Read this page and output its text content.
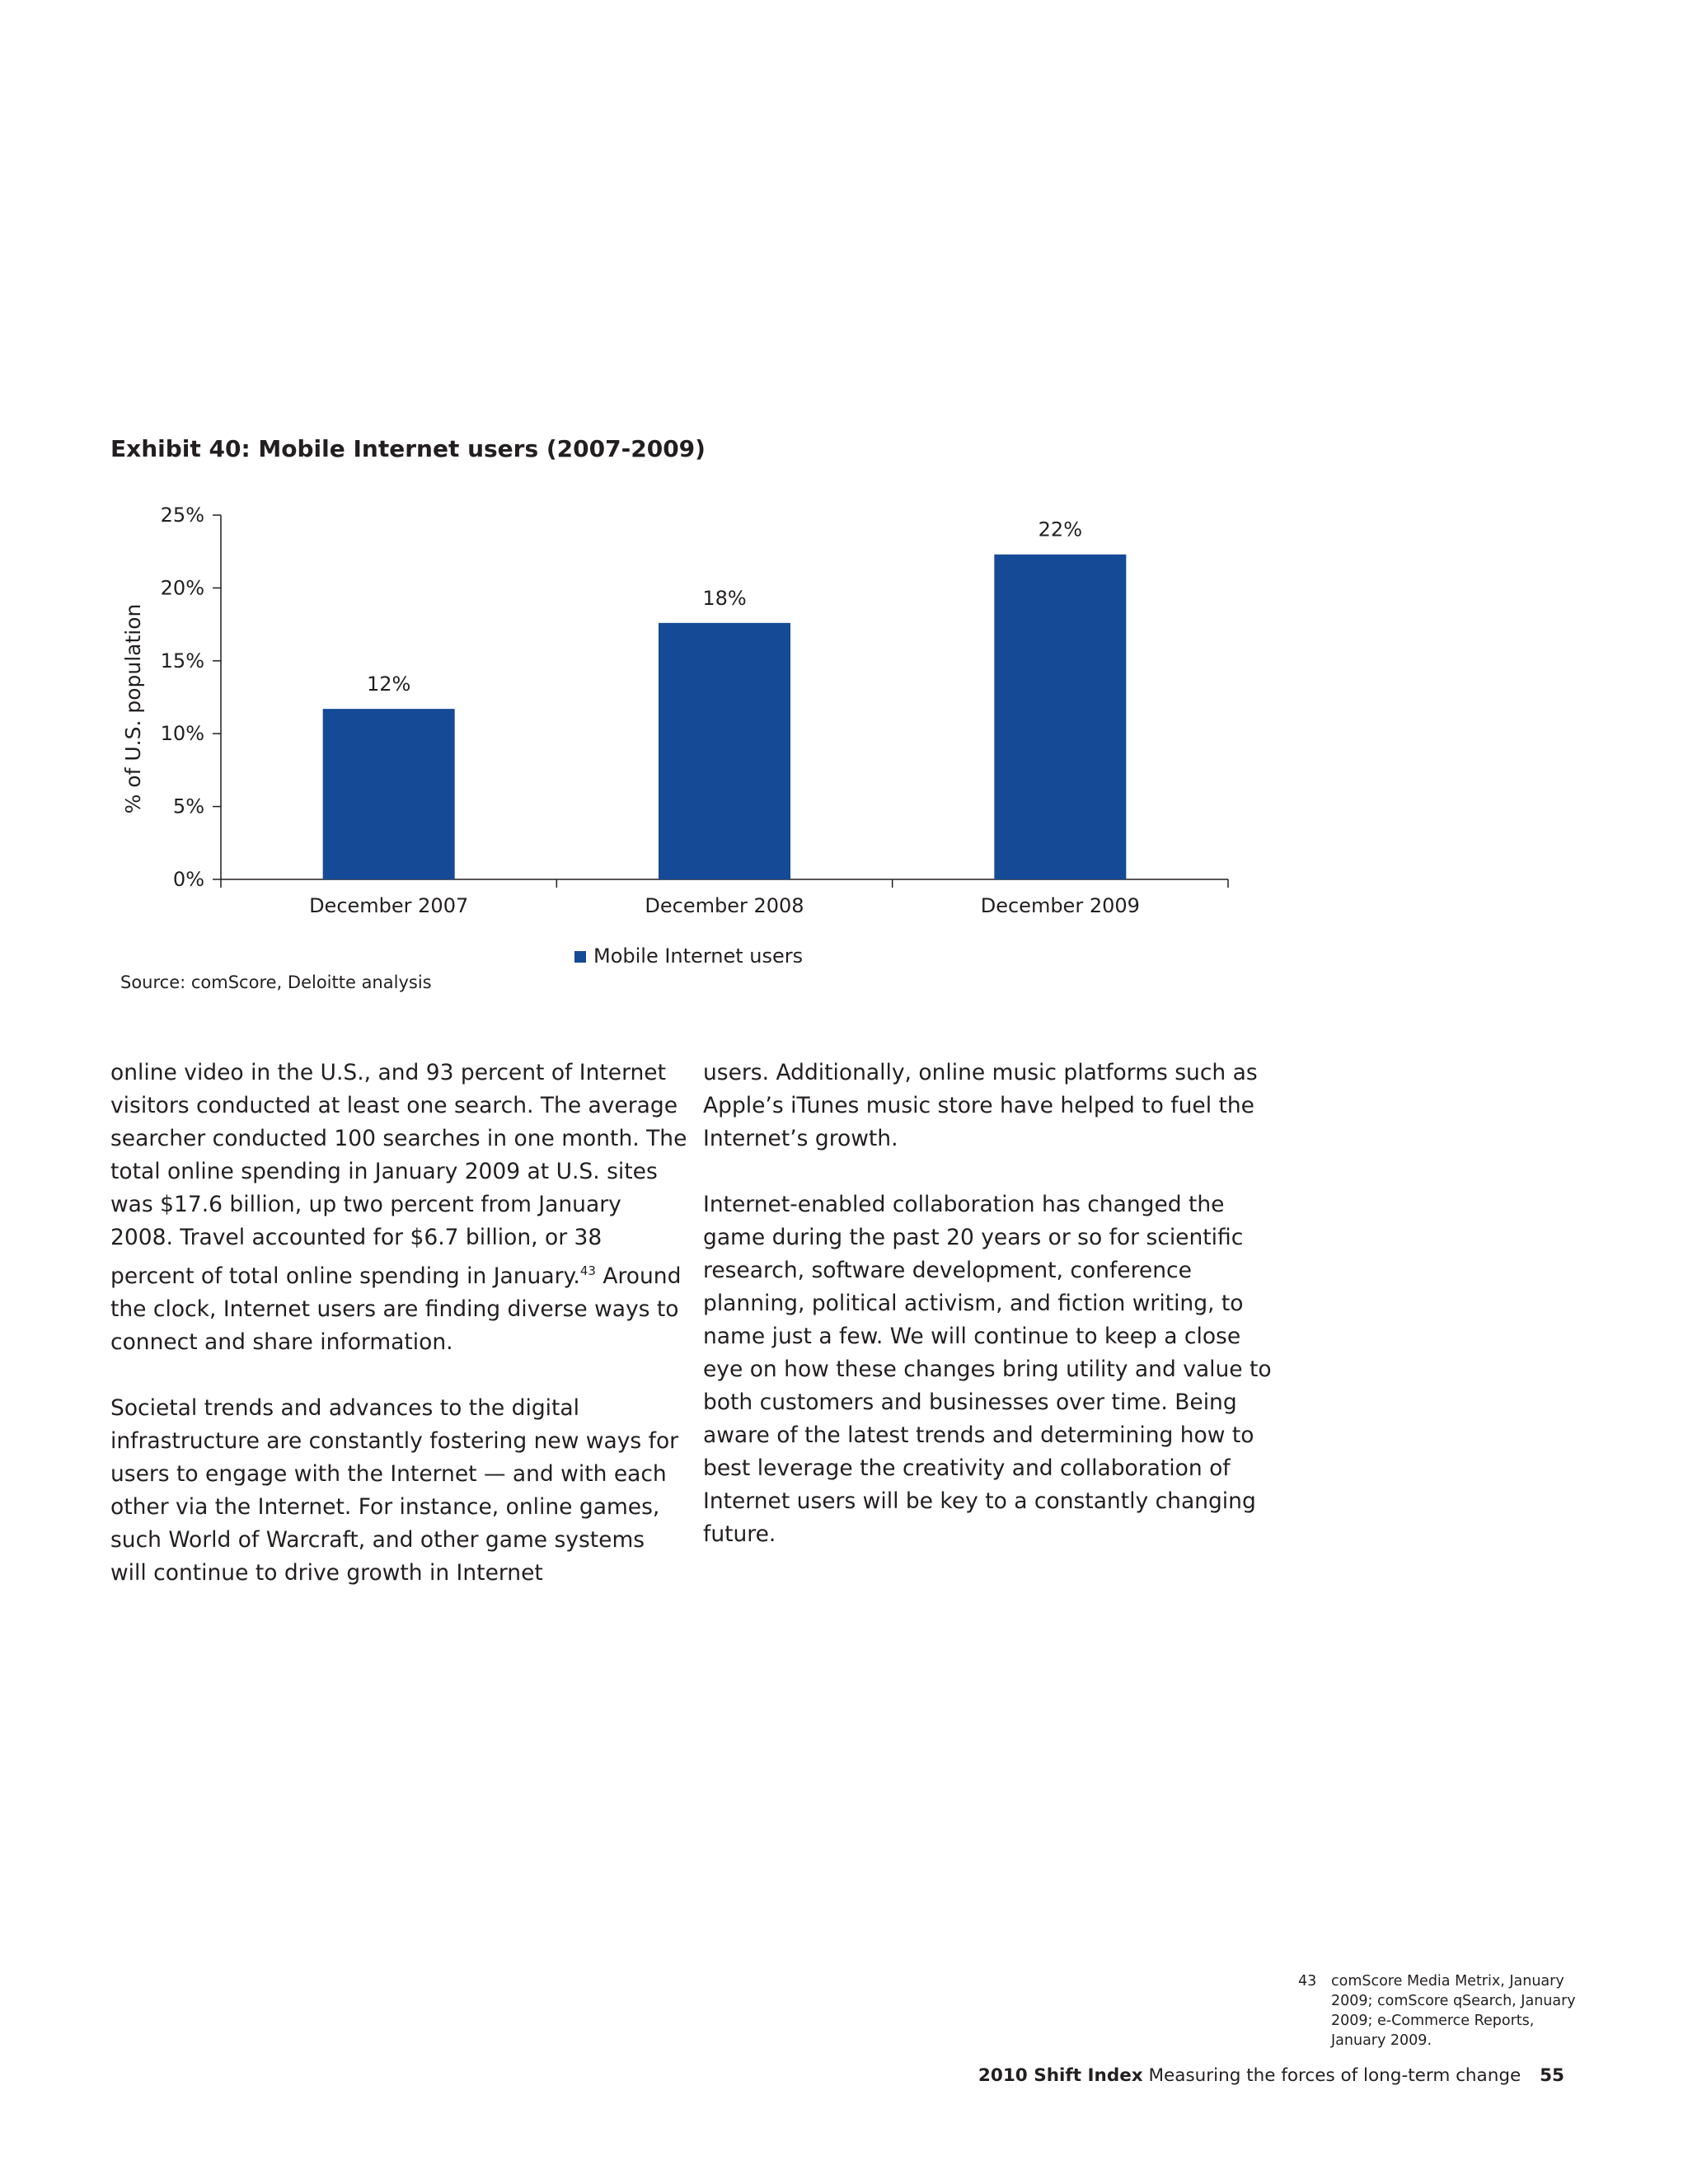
Exhibit 40: Mobile Internet users (2007-2009)
0%
5%
10%
15%
20%
25%
December 2007	December 2008	December 2009
12%
18%
22%
% of U.S. population
Mobile Internet users
Source: comScore, Deloitte analysis

online video in the U.S., and 93 percent of Internet visitors conducted at least one search. The average searcher conducted 100 searches in one month. The total online spending in January 2009 at U.S. sites was $17.6 billion, up two percent from January 2008. Travel accounted for $6.7 billion, or 38 percent of total online spending in January.$^{43}$ Around the clock, Internet users are finding diverse ways to connect and share information.

Societal trends and advances to the digital infrastructure are constantly fostering new ways for users to engage with the Internet — and with each other via the Internet. For instance, online games, such World of Warcraft, and other game systems will continue to drive growth in Internet

users. Additionally, online music platforms such as Apple’s iTunes music store have helped to fuel the Internet’s growth.

Internet-enabled collaboration has changed the game during the past 20 years or so for scientific research, software development, conference planning, political activism, and fiction writing, to name just a few. We will continue to keep a close eye on how these changes bring utility and value to both customers and businesses over time. Being aware of the latest trends and determining how to best leverage the creativity and collaboration of Internet users will be key to a constantly changing future.

43 comScore Media Metrix, January 2009; comScore qSearch, January 2009; e-Commerce Reports, January 2009.
2010 Shift Index Measuring the forces of long-term change 55
